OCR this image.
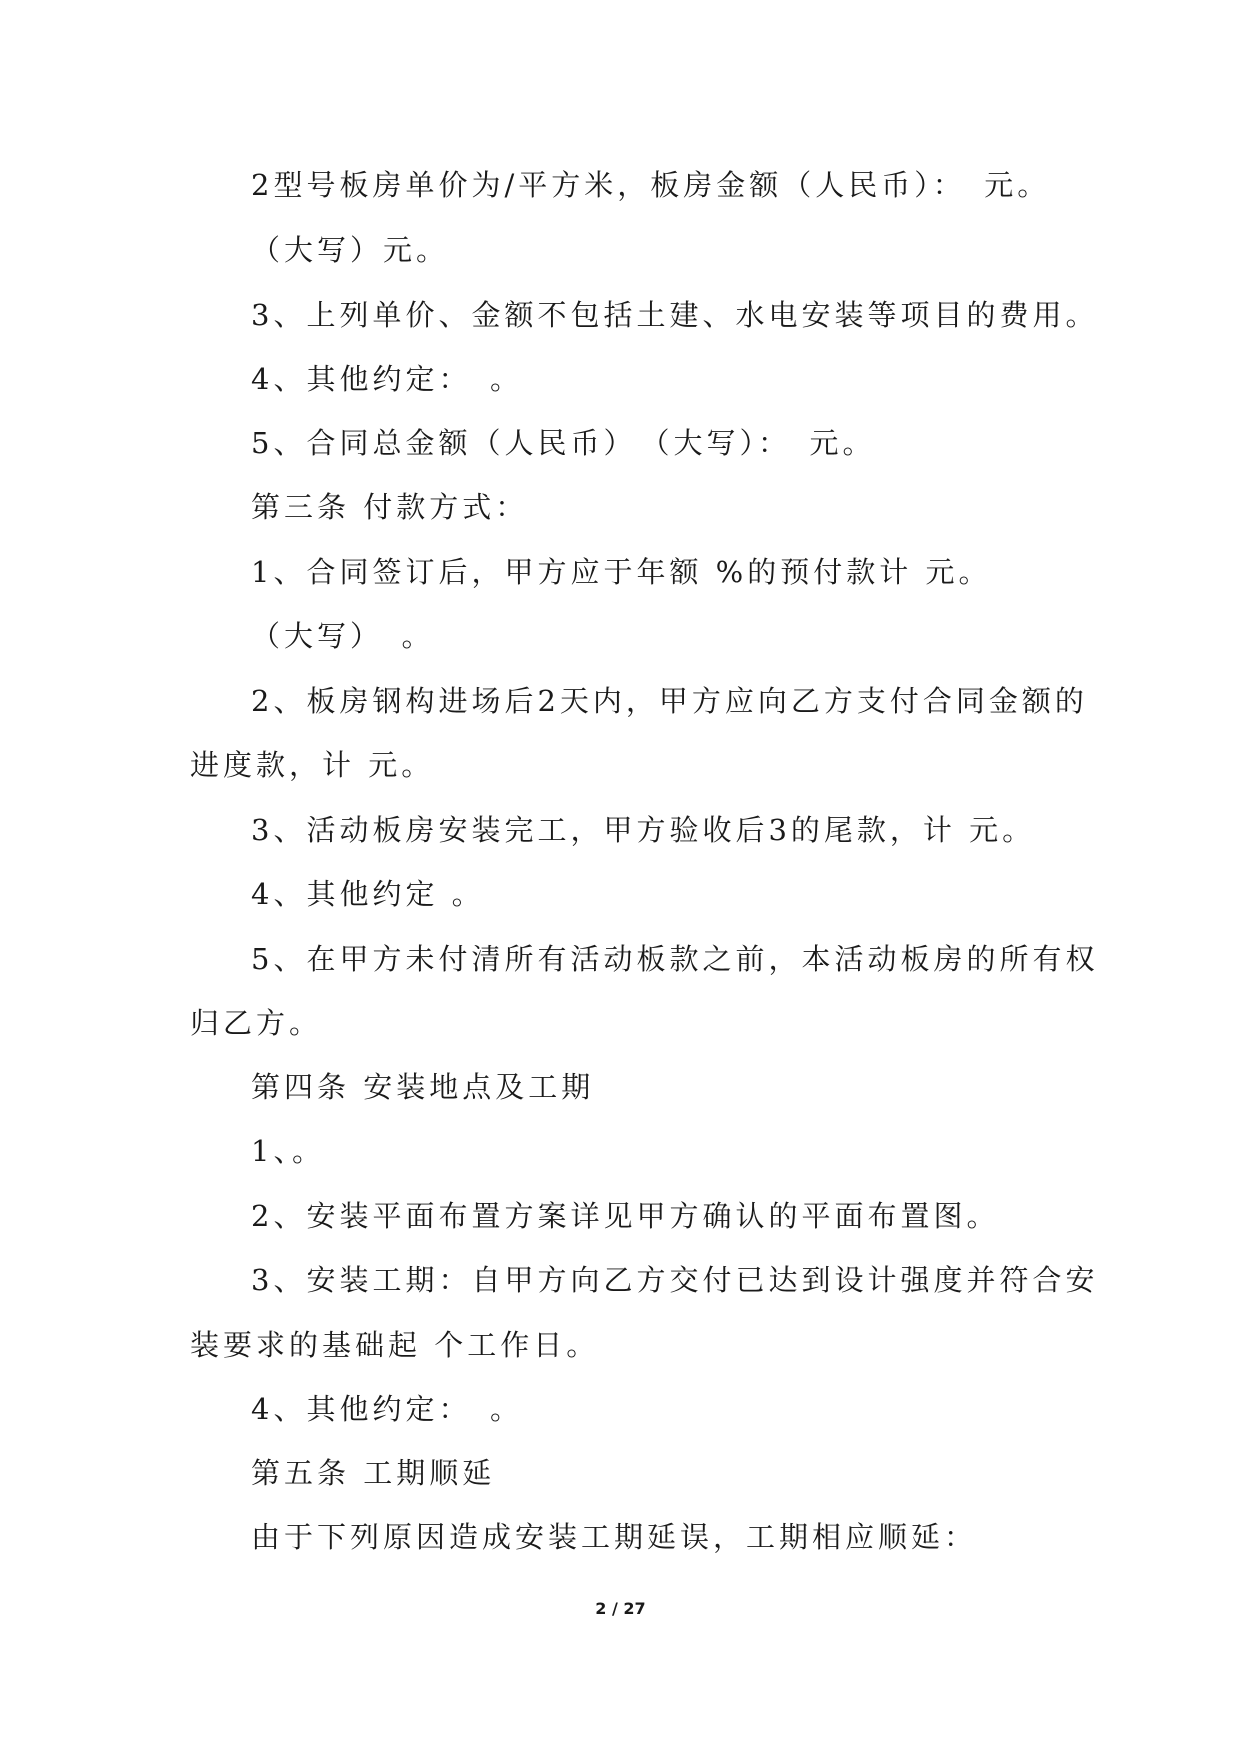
2型号板房单价为/平方米，板房金额（人民币）：　元。
（大写）元。
3、上列单价、金额不包括土建、水电安装等项目的费用。
4、其他约定：　。
5、合同总金额（人民币）　（大写）：　元。
第三条 付款方式：
1、合同签订后，甲方应于年额 %的预付款计 元。
（大写）　。
2、板房钢构进场后2天内，甲方应向乙方支付合同金额的
进度款，计 元。
3、活动板房安装完工，甲方验收后3的尾款，计 元。
4、其他约定 。
5、在甲方未付清所有活动板款之前，本活动板房的所有权
归乙方。
第四条 安装地点及工期
1、。
2、安装平面布置方案详见甲方确认的平面布置图。
3、安装工期：自甲方向乙方交付已达到设计强度并符合安
装要求的基础起 个工作日。
4、其他约定：　。
第五条 工期顺延
由于下列原因造成安装工期延误，工期相应顺延：
2 / 27
